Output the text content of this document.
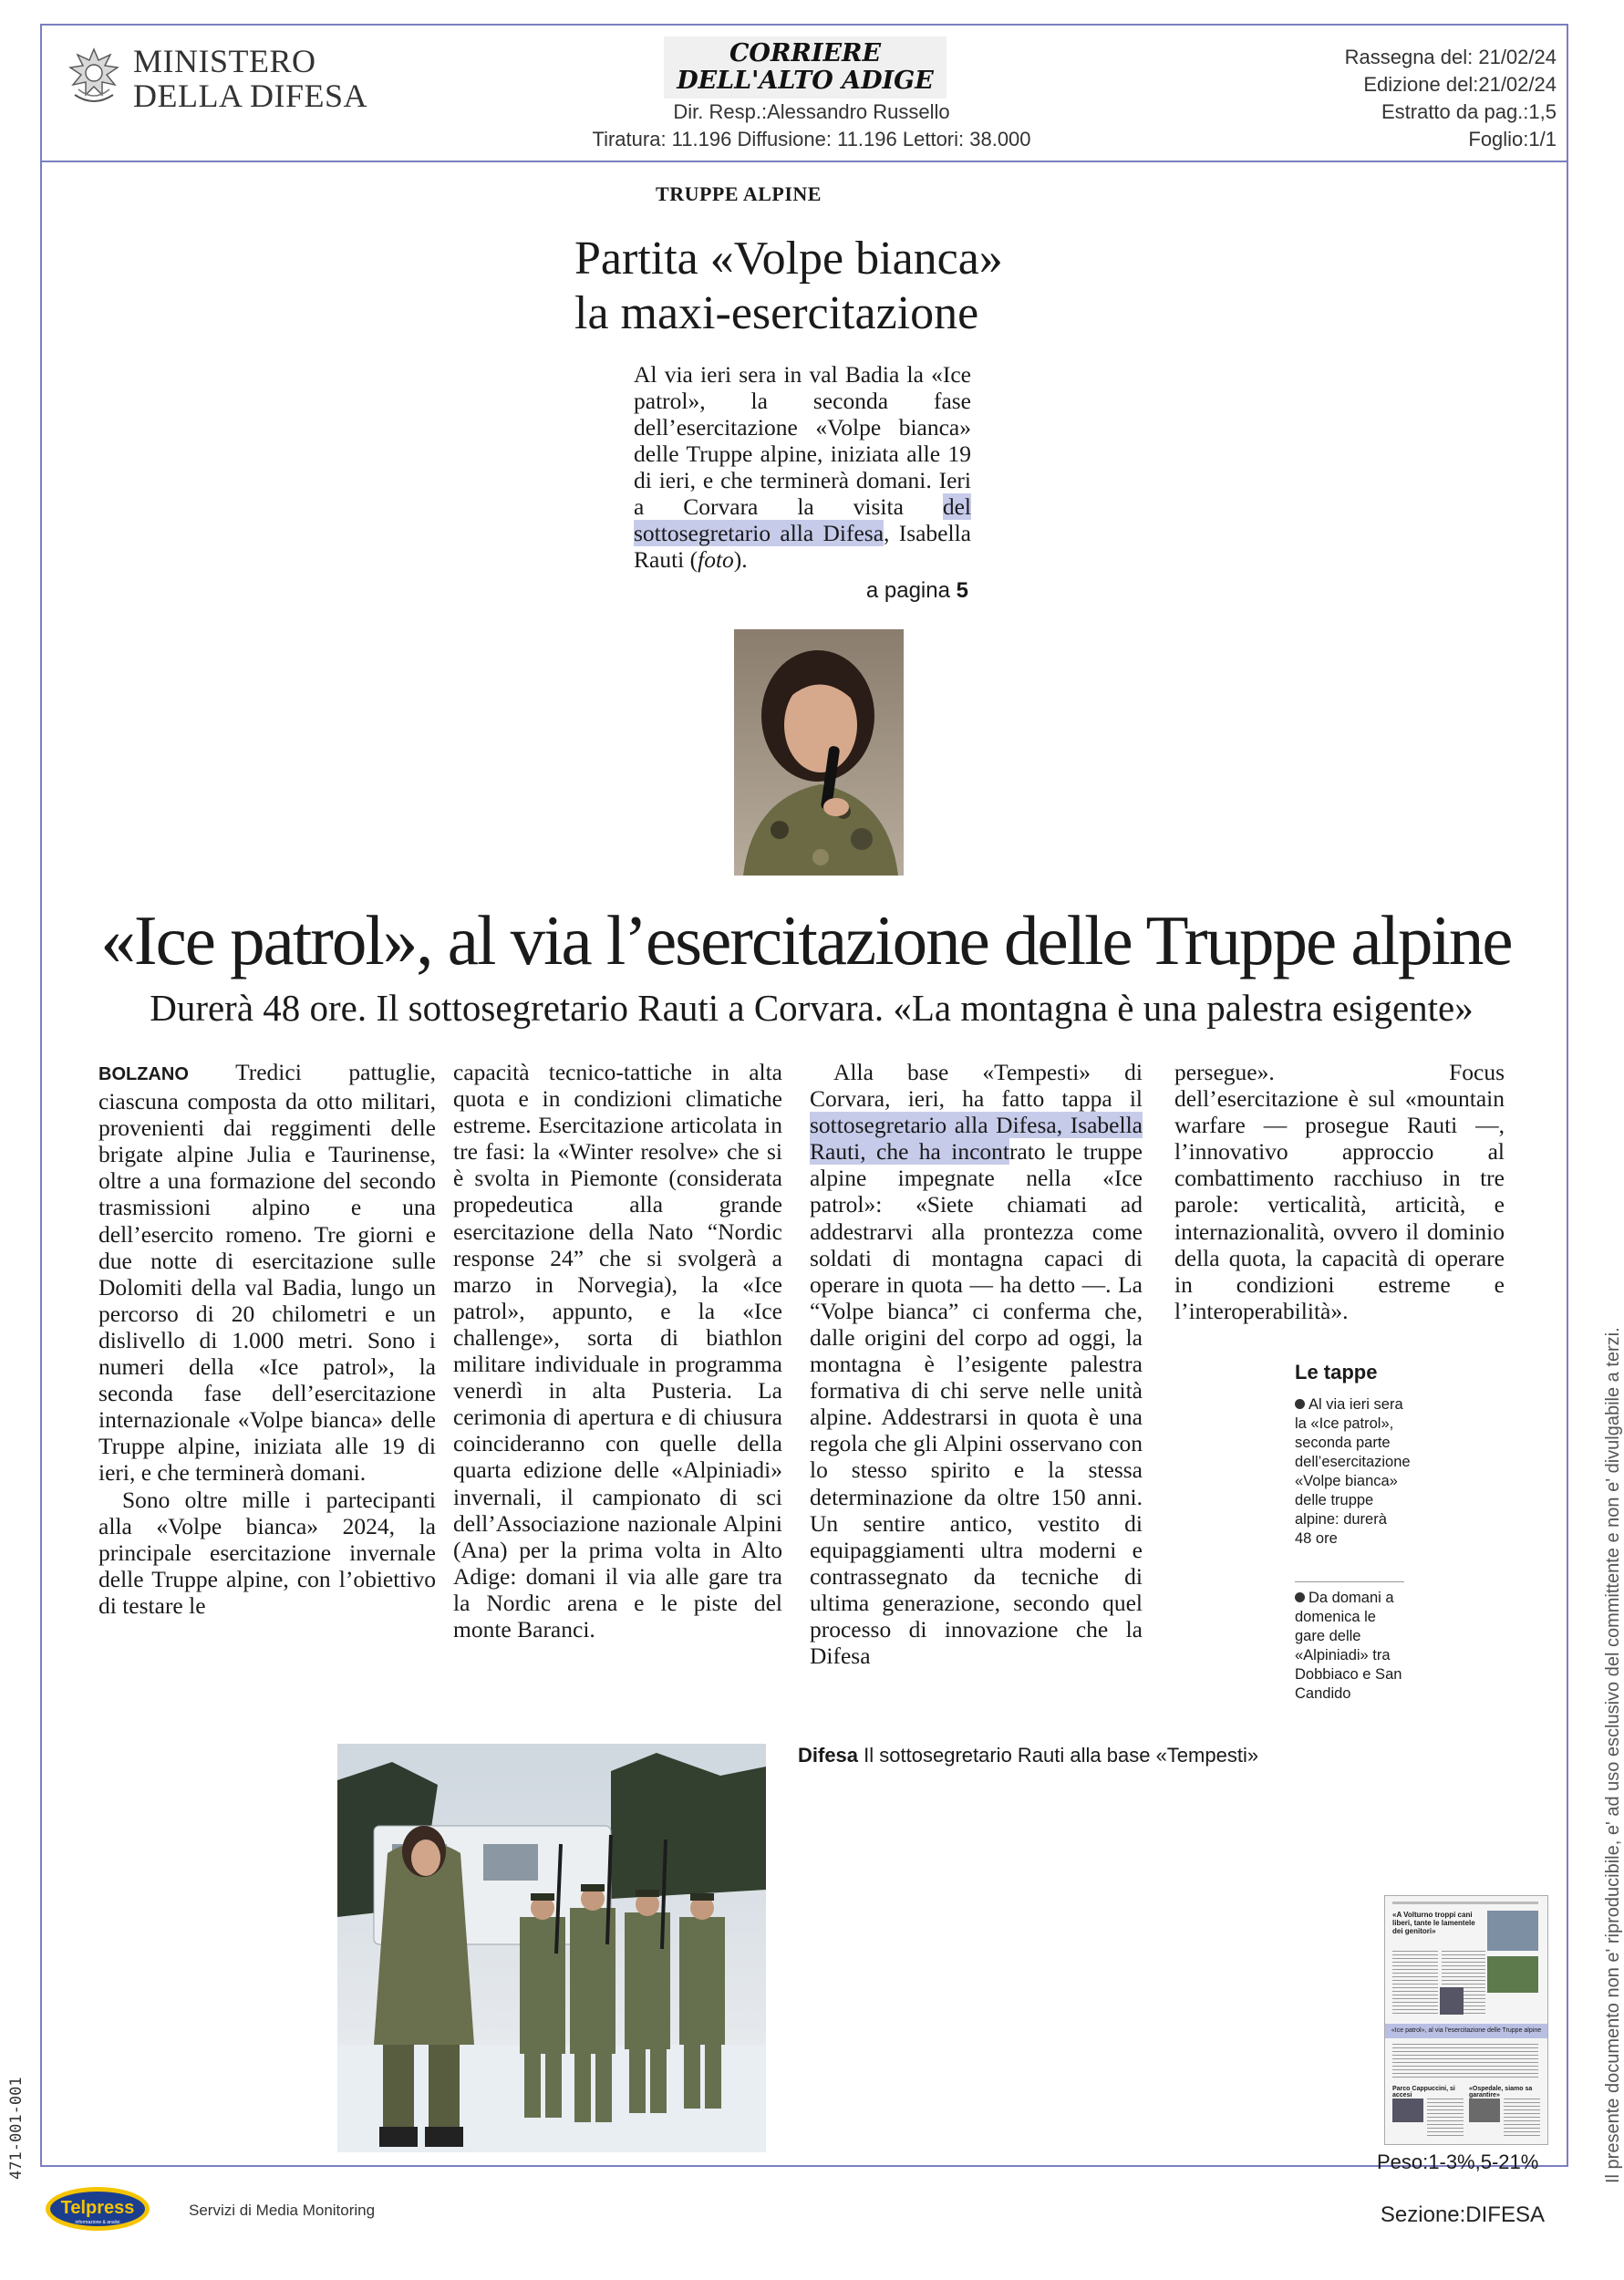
MINISTERO
DELLA DIFESA
CORRIERE
DELL'ALTO ADIGE
Dir. Resp.:Alessandro Russello
Tiratura: 11.196 Diffusione: 11.196 Lettori: 38.000
Rassegna del: 21/02/24
Edizione del:21/02/24
Estratto da pag.:1,5
Foglio:1/1
TRUPPE ALPINE
Partita «Volpe bianca»
la maxi-esercitazione
Al via ieri sera in val Badia la «Ice patrol», la seconda fase dell’esercitazione «Volpe bianca» delle Truppe alpine, iniziata alle 19 di ieri, e che terminerà domani. Ieri a Corvara la visita del sottosegretario alla Difesa, Isabella Rauti (foto).
a pagina 5
«Ice patrol», al via l’esercitazione delle Truppe alpine
Durerà 48 ore. Il sottosegretario Rauti a Corvara. «La montagna è una palestra esigente»

BOLZANO Tredici pattuglie, ciascuna composta da otto militari, provenienti dai reggimenti delle brigate alpine Julia e Taurinense, oltre a una formazione del secondo trasmissioni alpino e una dell’esercito romeno. Tre giorni e due notte di esercitazione sulle Dolomiti della val Badia, lungo un percorso di 20 chilometri e un dislivello di 1.000 metri. Sono i numeri della «Ice patrol», la seconda fase dell’esercitazione internazionale «Volpe bianca» delle Truppe alpine, iniziata alle 19 di ieri, e che terminerà domani.

Sono oltre mille i partecipanti alla «Volpe bianca» 2024, la principale esercitazione invernale delle Truppe alpine, con l’obiettivo di testare le

capacità tecnico-tattiche in alta quota e in condizioni climatiche estreme. Esercitazione articolata in tre fasi: la «Winter resolve» che si è svolta in Piemonte (considerata propedeutica alla grande esercitazione della Nato “Nordic response 24” che si svolgerà a marzo in Norvegia), la «Ice patrol», appunto, e la «Ice challenge», sorta di biathlon militare individuale in programma venerdì in alta Pusteria. La cerimonia di apertura e di chiusura coincideranno con quelle della quarta edizione delle «Alpiniadi» invernali, il campionato di sci dell’Associazione nazionale Alpini (Ana) per la prima volta in Alto Adige: domani il via alle gare tra la Nordic arena e le piste del monte Baranci.

Alla base «Tempesti» di Corvara, ieri, ha fatto tappa il sottosegretario alla Difesa, Isabella Rauti, che ha incontrato le truppe alpine impegnate nella «Ice patrol»: «Siete chiamati ad addestrarvi alla prontezza come soldati di montagna capaci di operare in quota — ha detto —. La “Volpe bianca” ci conferma che, dalle origini del corpo ad oggi, la montagna è l’esigente palestra formativa di chi serve nelle unità alpine. Addestrarsi in quota è una regola che gli Alpini osservano con lo stesso spirito e la stessa determinazione da oltre 150 anni. Un sentire antico, vestito di equipaggiamenti ultra moderni e contrassegnato da tecniche di ultima generazione, secondo quel processo di innovazione che la Difesa

persegue». Focus dell’esercitazione è sul «mountain warfare — prosegue Rauti —, l’innovativo approccio al combattimento racchiuso in tre parole: verticalità, articità, e internazionalità, ovvero il dominio della quota, la capacità di operare in condizioni estreme e l’interoperabilità».

Le tappe
Al via ieri sera la «Ice patrol», seconda parte dell’esercitazione «Volpe bianca» delle truppe alpine: durerà 48 ore
Da domani a domenica le gare delle «Alpiniadi» tra Dobbiaco e San Candido
Difesa Il sottosegretario Rauti alla base «Tempesti»
«A Volturno troppi cani liberi, tante le lamentele dei genitori»
«Ice patrol», al via l’esercitazione delle Truppe alpine
Parco Cappuccini, si accesi
«Ospedale, siamo sa garantire»
Peso:1-3%,5-21%
471-001-001	Il presente documento non e' riproducibile, e' ad uso esclusivo del committente e non e' divulgabile a terzi.
Telpress
informazione & analisi
Servizi di Media Monitoring	Sezione:DIFESA
